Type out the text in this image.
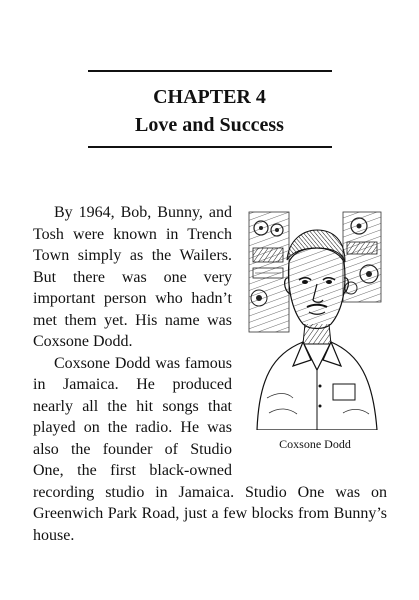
CHAPTER 4
Love and Success
Coxsone Dodd

By 1964, Bob, Bunny, and Tosh were known in Trench Town simply as the Wailers. But there was one very important person who hadn’t met them yet. His name was Coxsone Dodd.

Coxsone Dodd was famous in Jamaica. He produced nearly all the hit songs that played on the radio. He was also the founder of Studio One, the first black-owned recording studio in Jamaica. Studio One was on Greenwich Park Road, just a few blocks from Bunny’s house.
